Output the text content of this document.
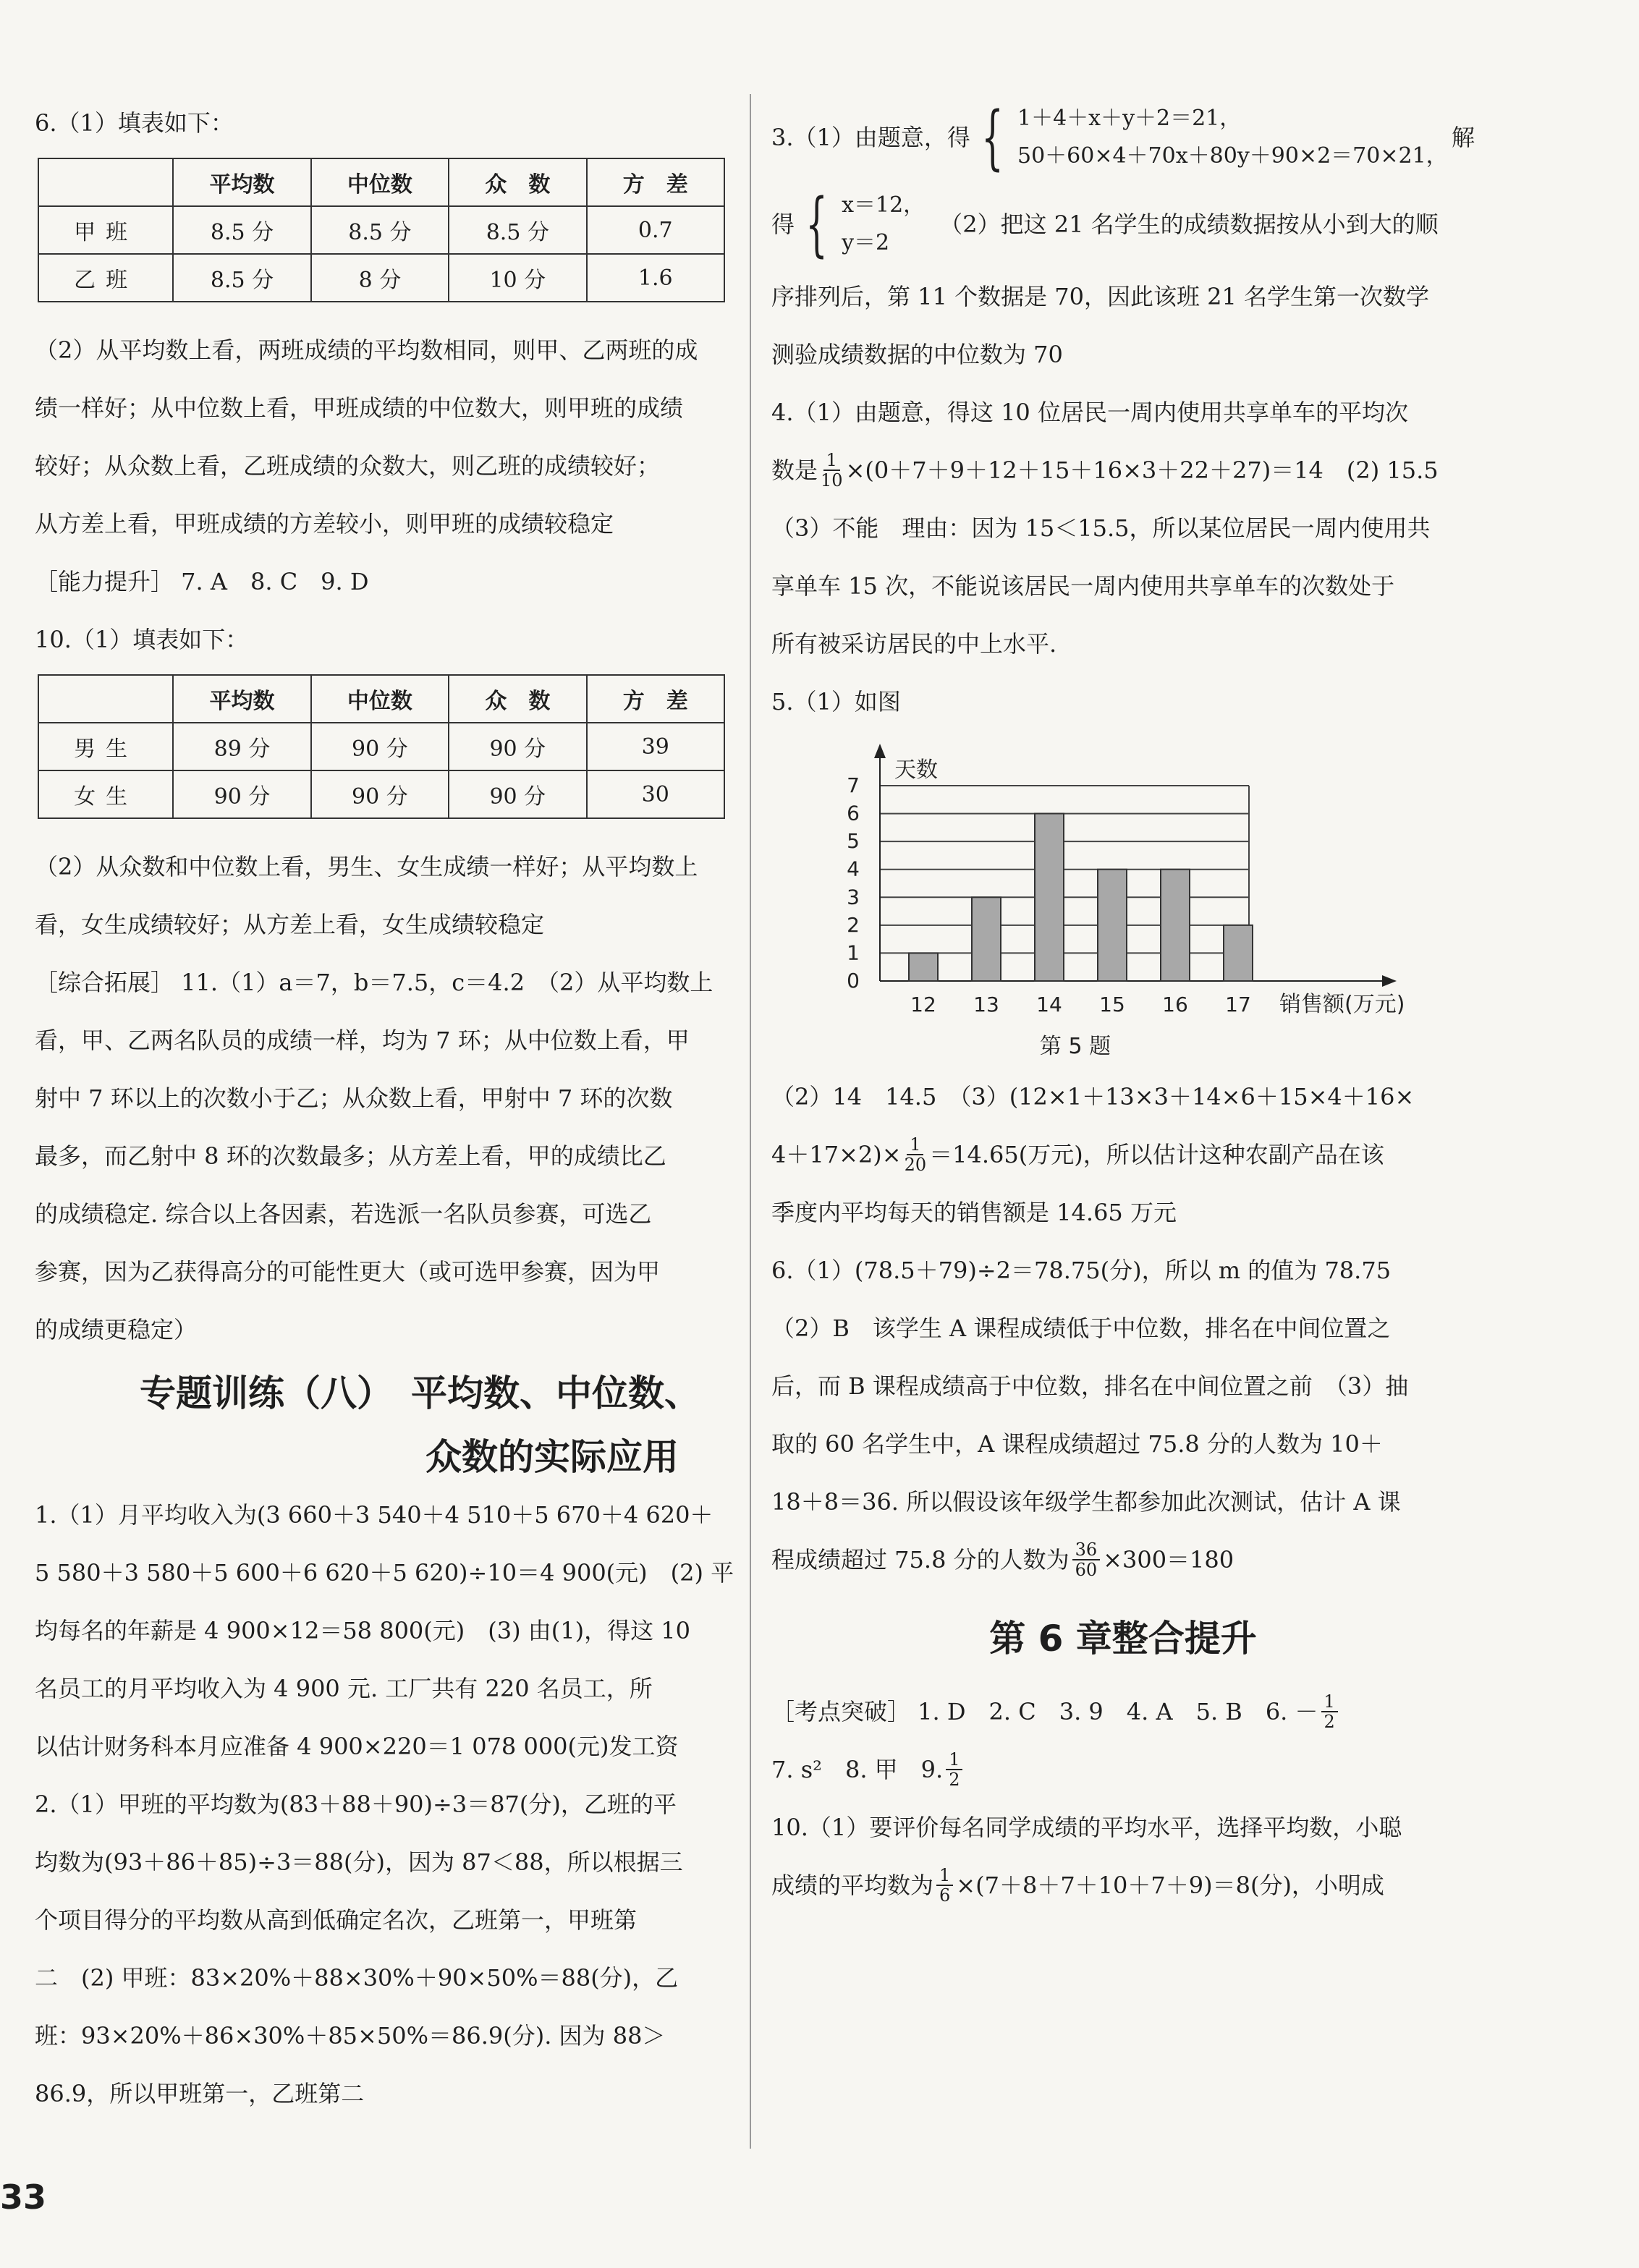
6.（1）填表如下：
	平均数	中位数	众　数	方　差
甲班	8.5 分	8.5 分	8.5 分	0.7
乙班	8.5 分	8 分	10 分	1.6
（2）从平均数上看，两班成绩的平均数相同，则甲、乙两班的成
绩一样好；从中位数上看，甲班成绩的中位数大，则甲班的成绩
较好；从众数上看，乙班成绩的众数大，则乙班的成绩较好；
从方差上看，甲班成绩的方差较小，则甲班的成绩较稳定
［能力提升］ 7. A　8. C　9. D
10.（1）填表如下：
	平均数	中位数	众　数	方　差
男生	89 分	90 分	90 分	39
女生	90 分	90 分	90 分	30
（2）从众数和中位数上看，男生、女生成绩一样好；从平均数上
看，女生成绩较好；从方差上看，女生成绩较稳定
［综合拓展］ 11.（1）a＝7，b＝7.5，c＝4.2　（2）从平均数上
看，甲、乙两名队员的成绩一样，均为 7 环；从中位数上看，甲
射中 7 环以上的次数小于乙；从众数上看，甲射中 7 环的次数
最多，而乙射中 8 环的次数最多；从方差上看，甲的成绩比乙
的成绩稳定. 综合以上各因素，若选派一名队员参赛，可选乙
参赛，因为乙获得高分的可能性更大（或可选甲参赛，因为甲
的成绩更稳定）
专题训练（八）　平均数、中位数、
众数的实际应用
1.（1）月平均收入为(3 660＋3 540＋4 510＋5 670＋4 620＋
5 580＋3 580＋5 600＋6 620＋5 620)÷10＝4 900(元)　(2) 平
均每名的年薪是 4 900×12＝58 800(元)　(3) 由(1)，得这 10
名员工的月平均收入为 4 900 元. 工厂共有 220 名员工，所
以估计财务科本月应准备 4 900×220＝1 078 000(元)发工资
2.（1）甲班的平均数为(83＋88＋90)÷3＝87(分)，乙班的平
均数为(93＋86＋85)÷3＝88(分)，因为 87＜88，所以根据三
个项目得分的平均数从高到低确定名次，乙班第一，甲班第
二　(2) 甲班：83×20%＋88×30%＋90×50%＝88(分)，乙
班：93×20%＋86×30%＋85×50%＝86.9(分). 因为 88＞
86.9，所以甲班第一，乙班第二
3.（1）由题意，得 { 1＋4＋x＋y＋2＝21，
50＋60×4＋70x＋80y＋90×2＝70×21，
解
得 { x＝12，
y＝2
（2）把这 21 名学生的成绩数据按从小到大的顺
序排列后，第 11 个数据是 70，因此该班 21 名学生第一次数学
测验成绩数据的中位数为 70
4.（1）由题意，得这 10 位居民一周内使用共享单车的平均次
数是 $\frac{1}{10} \times(0+7+9+12+15+16\times 3+22+27)=14$　(2) 15.5
（3）不能　理由：因为 15＜15.5，所以某位居民一周内使用共
享单车 15 次，不能说该居民一周内使用共享单车的次数处于
所有被采访居民的中上水平.
5.（1）如图
0
1
2
3
4
5
6
7
12 13 14 15 16 17
天数
销售额(万元)
第 5 题
（2）14　14.5　（3）(12×1＋13×3＋14×6＋15×4＋16×
$4+17\times 2)\times \frac{1}{20} =14.65$(万元)，所以估计这种农副产品在该
季度内平均每天的销售额是 14.65 万元
6.（1）(78.5＋79)÷2＝78.75(分)，所以 m 的值为 78.75
（2）B　该学生 A 课程成绩低于中位数，排名在中间位置之
后，而 B 课程成绩高于中位数，排名在中间位置之前　（3）抽
取的 60 名学生中，A 课程成绩超过 75.8 分的人数为 10＋
18＋8＝36. 所以假设该年级学生都参加此次测试，估计 A 课
程成绩超过 75.8 分的人数为 $\frac{36}{60} \times 300=180$
第 6 章整合提升
［考点突破］ 1. D　2. C　3. 9　4. A　5. B　6. － $\frac{1}{2}$
7. s²　8. 甲　9. $\frac{1}{2}$
10.（1）要评价每名同学成绩的平均水平，选择平均数，小聪
成绩的平均数为 $\frac{1}{6} \times(7+8+7+10+7+9)=8$(分)，小明成
33
